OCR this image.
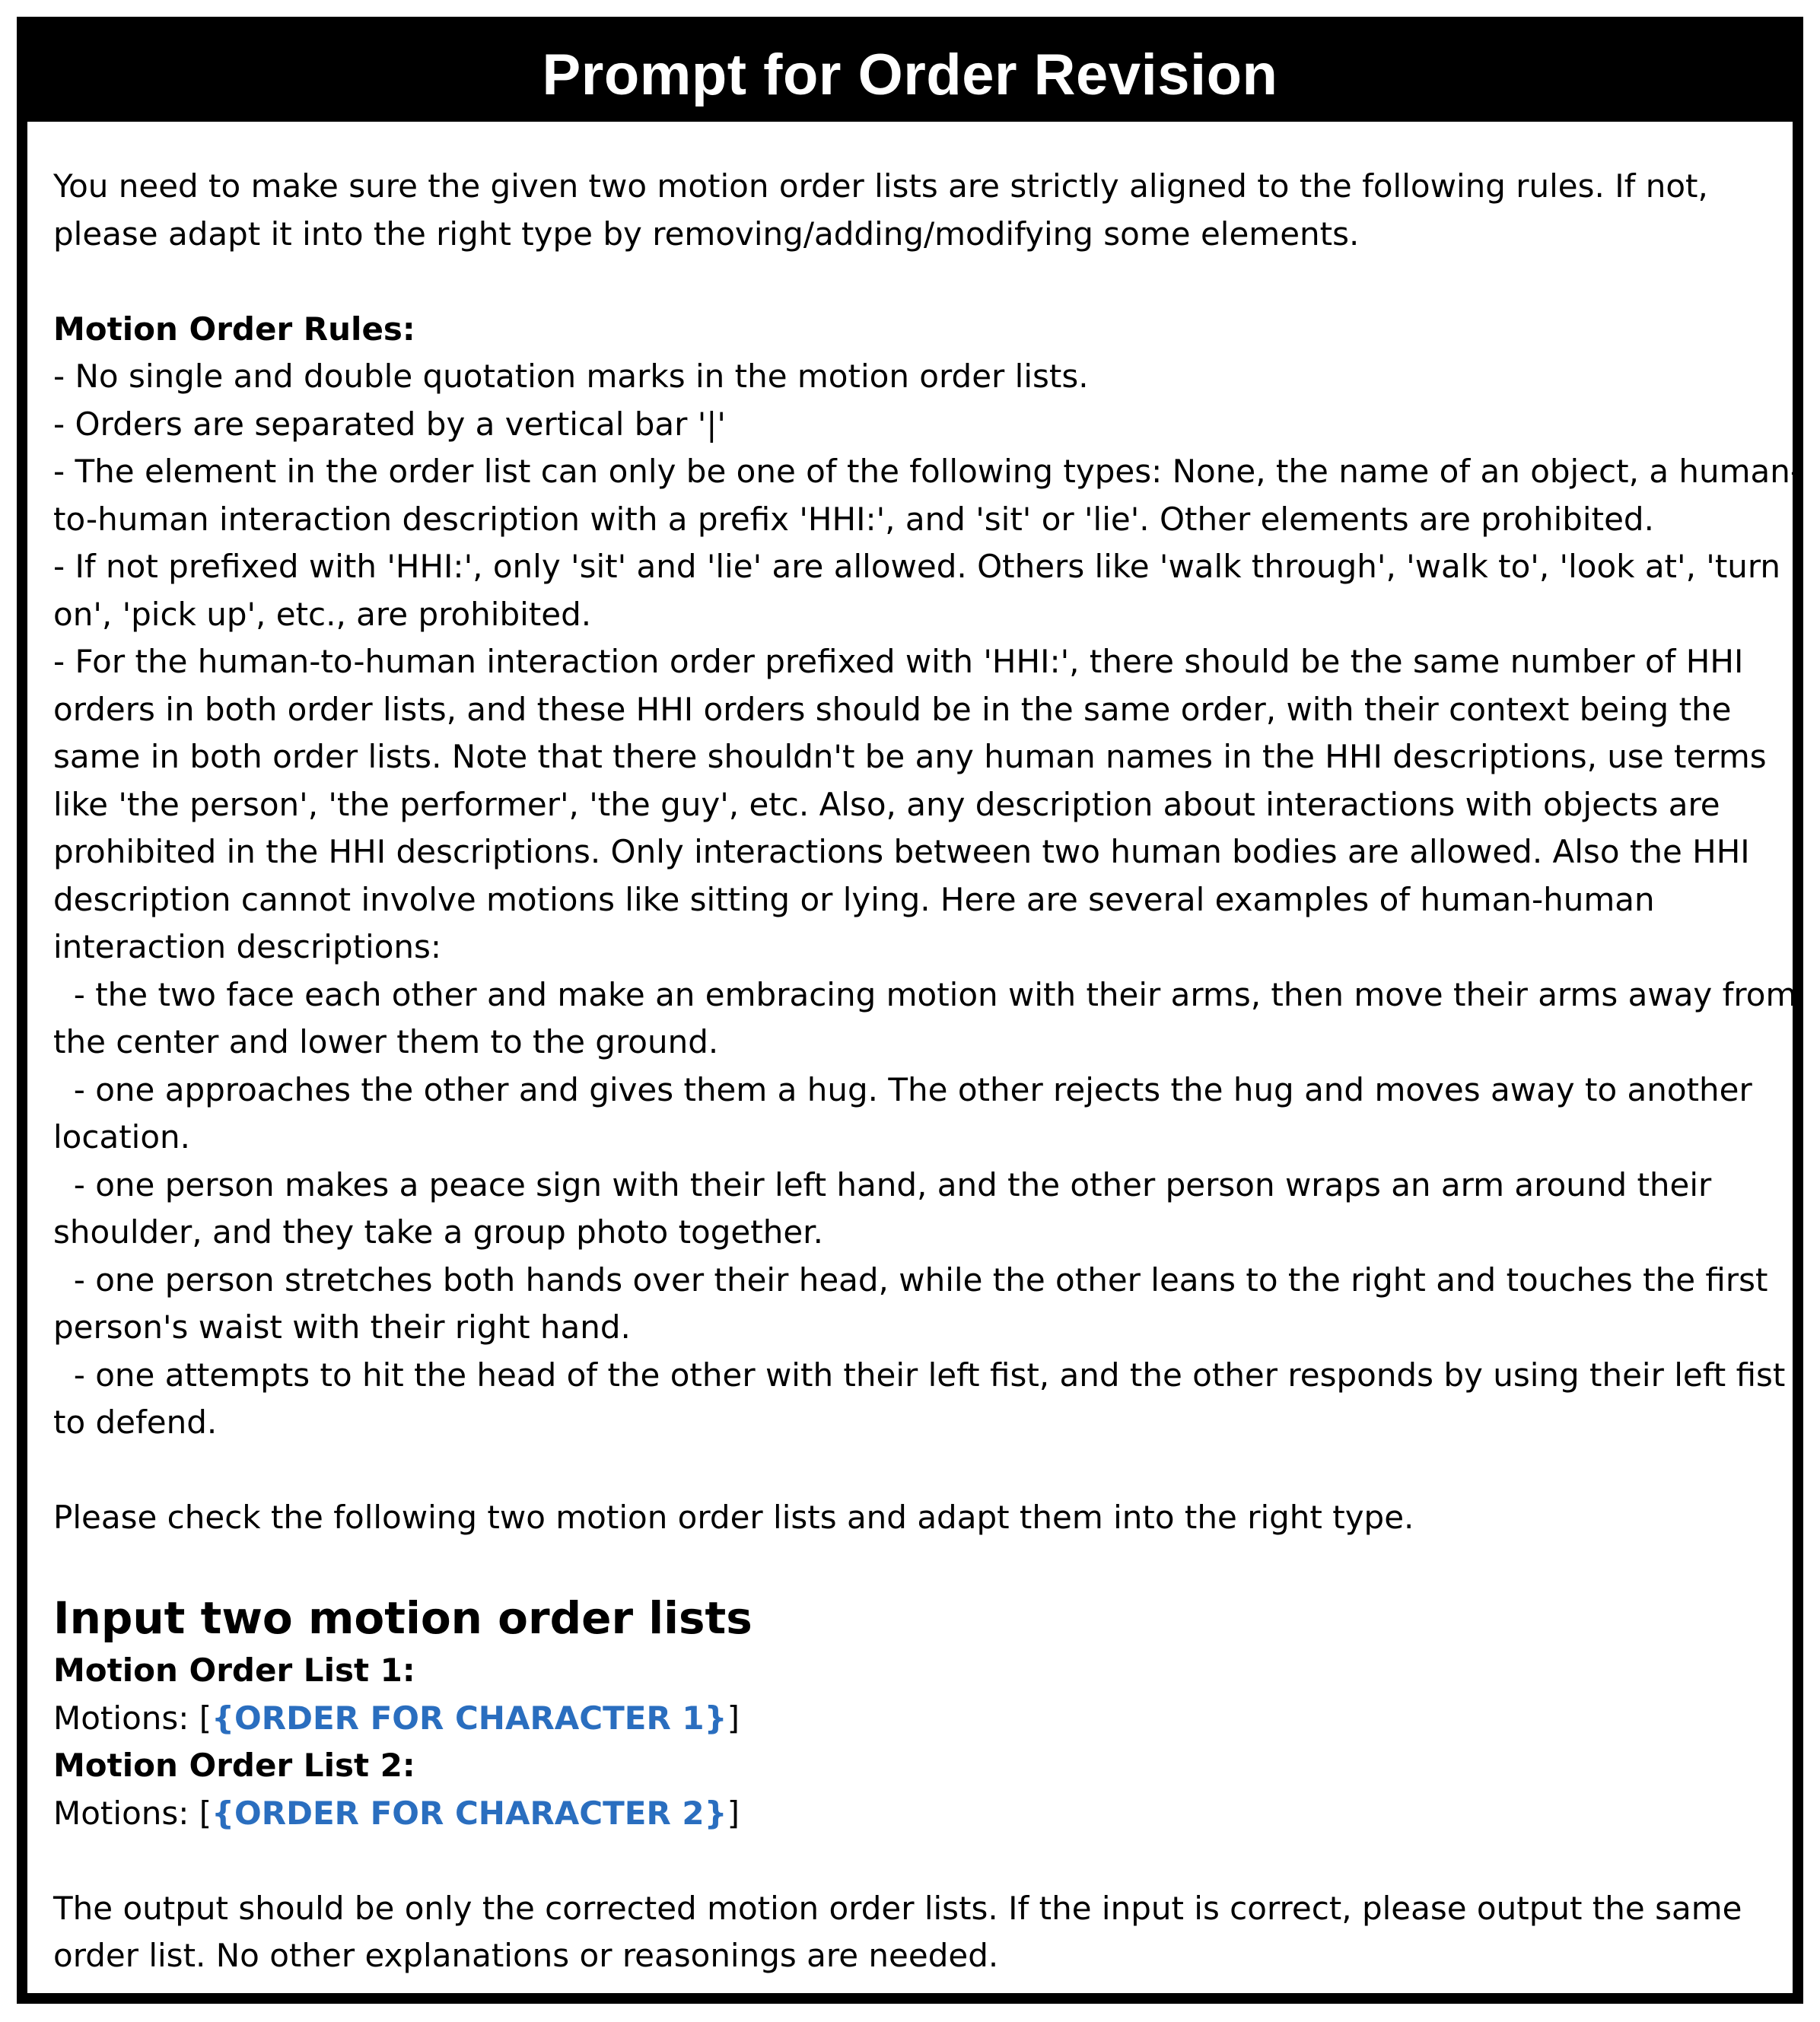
Prompt for Order Revision

You need to make sure the given two motion order lists are strictly aligned to the following rules. If not, please adapt it into the right type by removing/adding/modifying some elements.

Motion Order Rules:

- No single and double quotation marks in the motion order lists.

- Orders are separated by a vertical bar '|'

- The element in the order list can only be one of the following types: None, the name of an object, a human-to-human interaction description with a prefix 'HHI:', and 'sit' or 'lie'. Other elements are prohibited.

- If not prefixed with 'HHI:', only 'sit' and 'lie' are allowed. Others like 'walk through', 'walk to', 'look at', 'turn on', 'pick up', etc., are prohibited.

- For the human-to-human interaction order prefixed with 'HHI:', there should be the same number of HHI orders in both order lists, and these HHI orders should be in the same order, with their context being the same in both order lists. Note that there shouldn't be any human names in the HHI descriptions, use terms like 'the person', 'the performer', 'the guy', etc. Also, any description about interactions with objects are prohibited in the HHI descriptions. Only interactions between two human bodies are allowed. Also the HHI description cannot involve motions like sitting or lying. Here are several examples of human-human interaction descriptions:

- the two face each other and make an embracing motion with their arms, then move their arms away from the center and lower them to the ground.

- one approaches the other and gives them a hug. The other rejects the hug and moves away to another location.

- one person makes a peace sign with their left hand, and the other person wraps an arm around their shoulder, and they take a group photo together.

- one person stretches both hands over their head, while the other leans to the right and touches the first person's waist with their right hand.

- one attempts to hit the head of the other with their left fist, and the other responds by using their left fist to defend.

Please check the following two motion order lists and adapt them into the right type.

Input two motion order lists

Motion Order List 1:

Motions: [{ORDER FOR CHARACTER 1}]

Motion Order List 2:

Motions: [{ORDER FOR CHARACTER 2}]

The output should be only the corrected motion order lists. If the input is correct, please output the same order list. No other explanations or reasonings are needed.
